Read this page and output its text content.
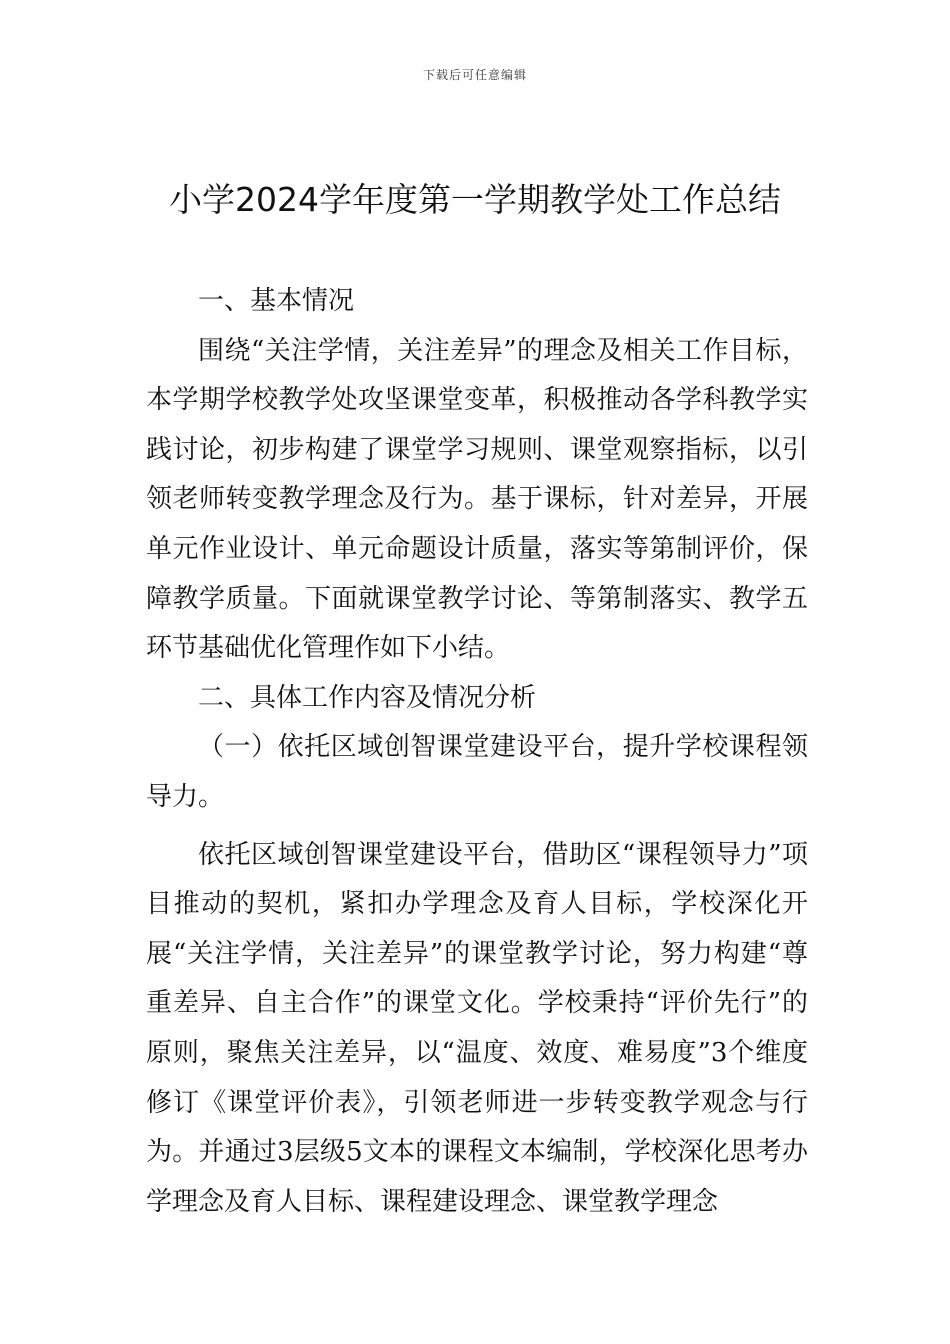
下载后可任意编辑
小学2024学年度第一学期教学处工作总结

一、基本情况

围绕“关注学情，关注差异”的理念及相关工作目标，本学期学校教学处攻坚课堂变革，积极推动各学科教学实践讨论，初步构建了课堂学习规则、课堂观察指标，以引领老师转变教学理念及行为。基于课标，针对差异，开展单元作业设计、单元命题设计质量，落实等第制评价，保障教学质量。下面就课堂教学讨论、等第制落实、教学五环节基础优化管理作如下小结。

二、具体工作内容及情况分析

（一）依托区域创智课堂建设平台，提升学校课程领导力。

依托区域创智课堂建设平台，借助区“课程领导力”项目推动的契机，紧扣办学理念及育人目标，学校深化开展“关注学情，关注差异”的课堂教学讨论，努力构建“尊重差异、自主合作”的课堂文化。学校秉持“评价先行”的原则，聚焦关注差异，以“温度、效度、难易度”3个维度修订《课堂评价表》，引领老师进一步转变教学观念与行为。并通过3层级5文本的课程文本编制，学校深化思考办学理念及育人目标、课程建设理念、课堂教学理念
